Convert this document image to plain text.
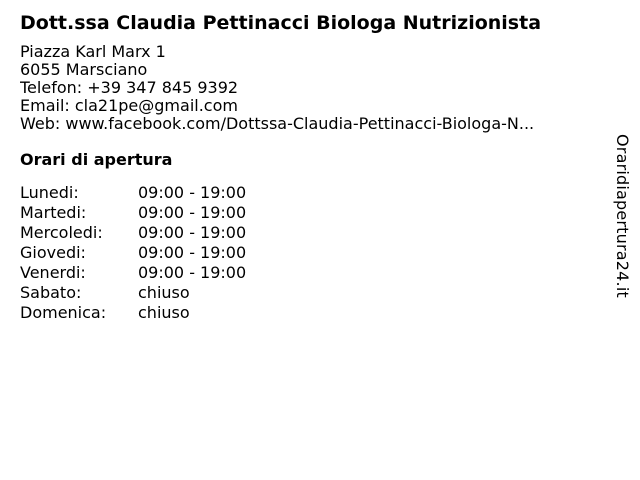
Dott.ssa Claudia Pettinacci Biologa Nutrizionista
Piazza Karl Marx 1
6055 Marsciano
Telefon: +39 347 845 9392
Email: cla21pe@gmail.com
Web: www.facebook.com/Dottssa-Claudia-Pettinacci-Biologa-N...
Orari di apertura
Lunedi:	09:00 - 19:00
Martedi:	09:00 - 19:00
Mercoledi:	09:00 - 19:00
Giovedi:	09:00 - 19:00
Venerdi:	09:00 - 19:00
Sabato:	chiuso
Domenica:	chiuso
Oraridiapertura24.it
